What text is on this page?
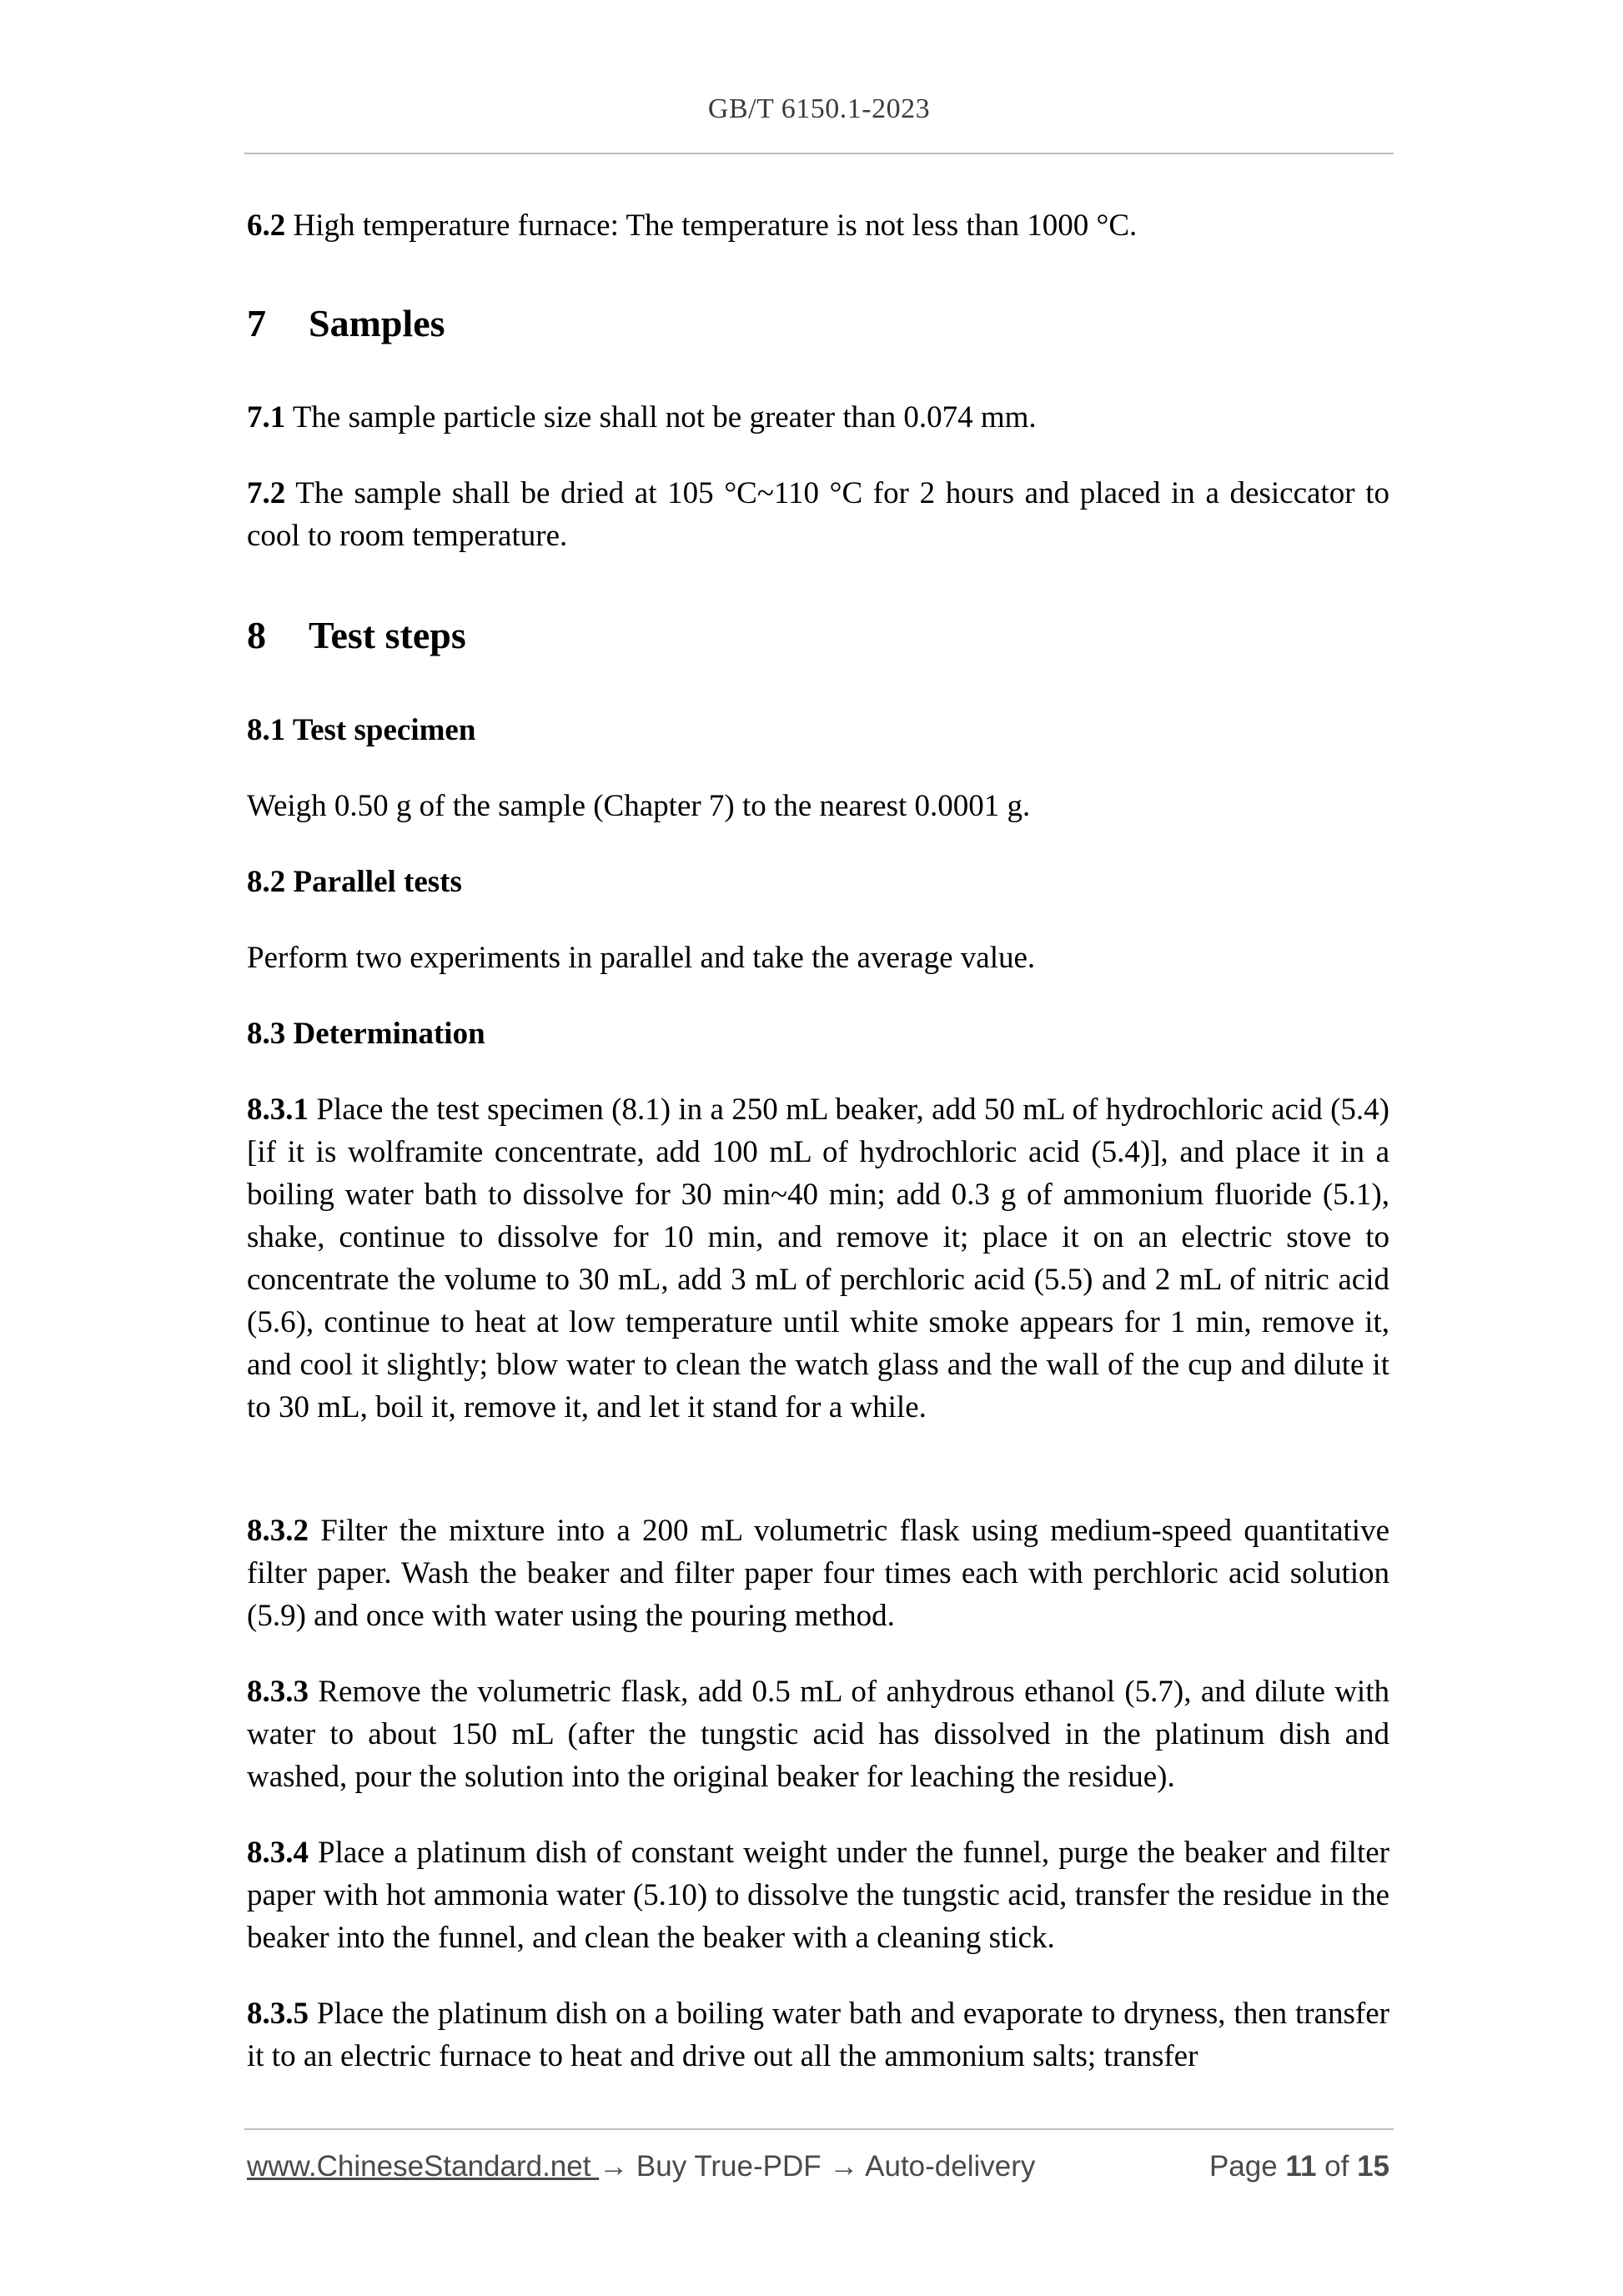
GB/T 6150.1-2023

6.2 High temperature furnace: The temperature is not less than 1000 °C.

7 Samples

7.1 The sample particle size shall not be greater than 0.074 mm.

7.2 The sample shall be dried at 105 °C~110 °C for 2 hours and placed in a desiccator to cool to room temperature.

8 Test steps

8.1 Test specimen

Weigh 0.50 g of the sample (Chapter 7) to the nearest 0.0001 g.

8.2 Parallel tests

Perform two experiments in parallel and take the average value.

8.3 Determination

8.3.1 Place the test specimen (8.1) in a 250 mL beaker, add 50 mL of hydrochloric acid (5.4) [if it is wolframite concentrate, add 100 mL of hydrochloric acid (5.4)], and place it in a boiling water bath to dissolve for 30 min~40 min; add 0.3 g of ammonium fluoride (5.1), shake, continue to dissolve for 10 min, and remove it; place it on an electric stove to concentrate the volume to 30 mL, add 3 mL of perchloric acid (5.5) and 2 mL of nitric acid (5.6), continue to heat at low temperature until white smoke appears for 1 min, remove it, and cool it slightly; blow water to clean the watch glass and the wall of the cup and dilute it to 30 mL, boil it, remove it, and let it stand for a while.

8.3.2 Filter the mixture into a 200 mL volumetric flask using medium-speed quantitative filter paper. Wash the beaker and filter paper four times each with perchloric acid solution (5.9) and once with water using the pouring method.

8.3.3 Remove the volumetric flask, add 0.5 mL of anhydrous ethanol (5.7), and dilute with water to about 150 mL (after the tungstic acid has dissolved in the platinum dish and washed, pour the solution into the original beaker for leaching the residue).

8.3.4 Place a platinum dish of constant weight under the funnel, purge the beaker and filter paper with hot ammonia water (5.10) to dissolve the tungstic acid, transfer the residue in the beaker into the funnel, and clean the beaker with a cleaning stick.

8.3.5 Place the platinum dish on a boiling water bath and evaporate to dryness, then transfer it to an electric furnace to heat and drive out all the ammonium salts; transfer

www.ChineseStandard.net → Buy True-PDF → Auto-delivery	Page 11 of 15
